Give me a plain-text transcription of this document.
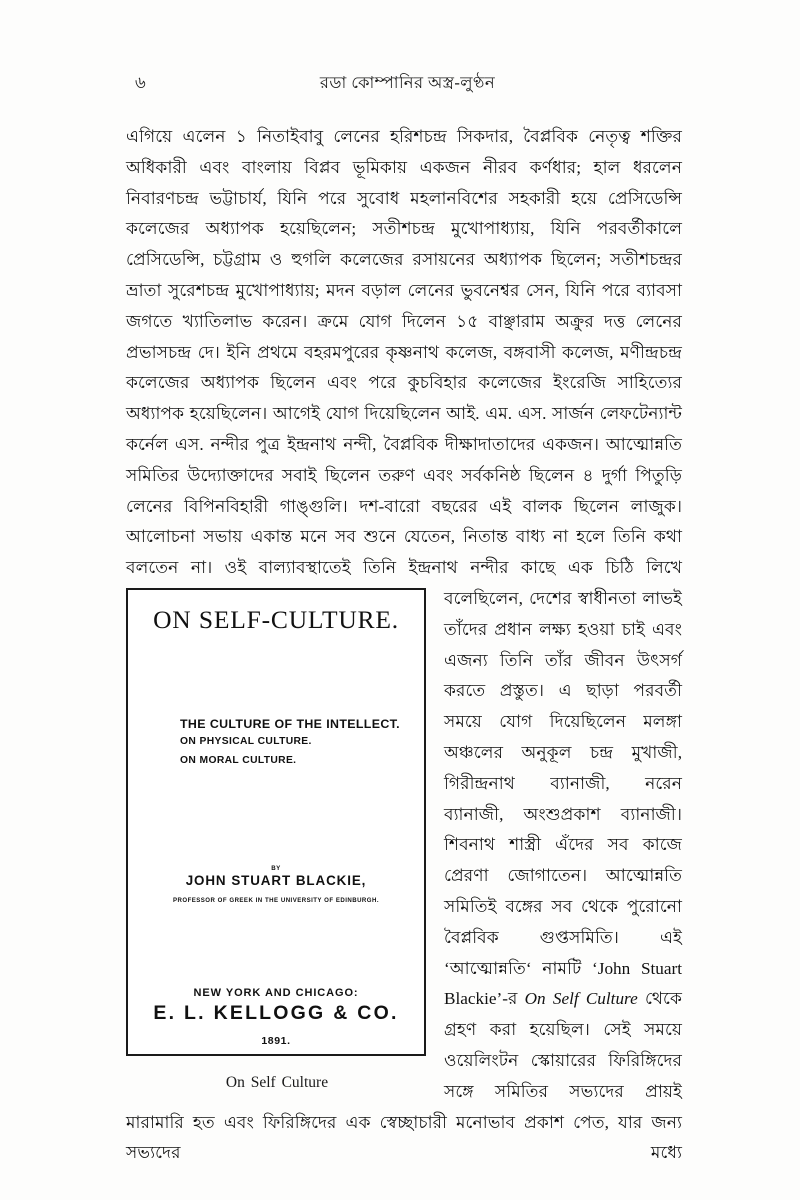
৬	রডা কোম্পানির অস্ত্র-লুণ্ঠন

এগিয়ে এলেন ১ নিতাইবাবু লেনের হরিশচন্দ্র সিকদার, বৈপ্লবিক নেতৃত্ব শক্তির অধিকারী এবং বাংলায় বিপ্লব ভূমিকায় একজন নীরব কর্ণধার; হাল ধরলেন নিবারণচন্দ্র ভট্টাচার্য, যিনি পরে সুবোধ মহলানবিশের সহকারী হয়ে প্রেসিডেন্সি কলেজের অধ্যাপক হয়েছিলেন; সতীশচন্দ্র মুখোপাধ্যায়, যিনি পরবর্তীকালে প্রেসিডেন্সি, চট্টগ্রাম ও হুগলি কলেজের রসায়নের অধ্যাপক ছিলেন; সতীশচন্দ্রর ভ্রাতা সুরেশচন্দ্র মুখোপাধ্যায়; মদন বড়াল লেনের ভুবনেশ্বর সেন, যিনি পরে ব্যাবসা জগতে খ্যাতিলাভ করেন। ক্রমে যোগ দিলেন ১৫ বাঞ্ছারাম অক্রুর দত্ত লেনের প্রভাসচন্দ্র দে। ইনি প্রথমে বহরমপুরের কৃষ্ণনাথ কলেজ, বঙ্গবাসী কলেজ, মণীন্দ্রচন্দ্র কলেজের অধ্যাপক ছিলেন এবং পরে কুচবিহার কলেজের ইংরেজি সাহিত্যের অধ্যাপক হয়েছিলেন। আগেই যোগ দিয়েছিলেন আই. এম. এস. সার্জন লেফটেন্যান্ট কর্নেল এস. নন্দীর পুত্র ইন্দ্রনাথ নন্দী, বৈপ্লবিক দীক্ষাদাতাদের একজন। আত্মোন্নতি সমিতির উদ্যোক্তাদের সবাই ছিলেন তরুণ এবং সর্বকনিষ্ঠ ছিলেন ৪ দুর্গা পিতুড়ি লেনের বিপিনবিহারী গাঙ্গুলি। দশ-বারো বছরের এই বালক ছিলেন লাজুক। আলোচনা সভায় একান্ত মনে সব শুনে যেতেন, নিতান্ত বাধ্য না হলে তিনি কথা বলতেন না। ওই বাল্যাবস্থাতেই তিনি ইন্দ্রনাথ নন্দীর কাছে এক চিঠি লিখে

ON SELF-CULTURE.
THE CULTURE OF THE INTELLECT.
ON PHYSICAL CULTURE.
ON MORAL CULTURE.
BY
JOHN STUART BLACKIE,
PROFESSOR OF GREEK IN THE UNIVERSITY OF EDINBURGH.
NEW YORK AND CHICAGO:
E. L. KELLOGG & CO.
1891.
On Self Culture

বলেছিলেন, দেশের স্বাধীনতা লাভই তাঁদের প্রধান লক্ষ্য হওয়া চাই এবং এজন্য তিনি তাঁর জীবন উৎসর্গ করতে প্রস্তুত। এ ছাড়া পরবর্তী সময়ে যোগ দিয়েছিলেন মলঙ্গা অঞ্চলের অনুকূল চন্দ্র মুখাজী, গিরীন্দ্রনাথ ব্যানাজী, নরেন ব্যানাজী, অংশুপ্রকাশ ব্যানাজী। শিবনাথ শাস্ত্রী এঁদের সব কাজে প্রেরণা জোগাতেন। আত্মোন্নতি সমিতিই বঙ্গের সব থেকে পুরোনো বৈপ্লবিক গুপ্তসমিতি। এই ‘আত্মোন্নতি‘ নামটি ‘John Stuart Blackie’-র On Self Culture থেকে গ্রহণ করা হয়েছিল। সেই সময়ে ওয়েলিংটন স্কোয়ারের ফিরিঙ্গিদের সঙ্গে সমিতির সভ্যদের প্রায়ই মারামারি হত এবং ফিরিঙ্গিদের এক স্বেচ্ছাচারী মনোভাব প্রকাশ পেত, যার জন্য সভ্যদের মধ্যে
